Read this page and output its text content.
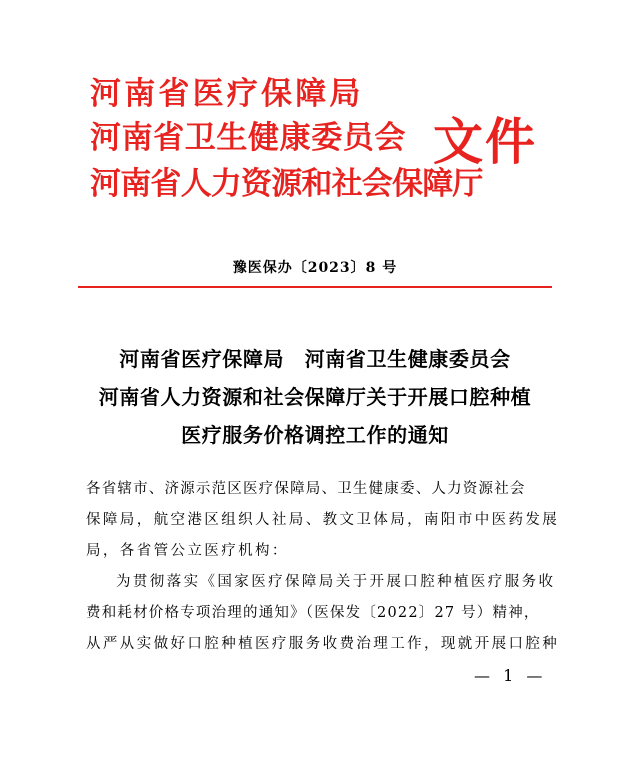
河南省医疗保障局
河南省卫生健康委员会
河南省人力资源和社会保障厅
文件
豫医保办〔2023〕8 号
河南省医疗保障局　河南省卫生健康委员会
河南省人力资源和社会保障厅关于开展口腔种植
医疗服务价格调控工作的通知
各省辖市、济源示范区医疗保障局、卫生健康委、人力资源社会
保障局，航空港区组织人社局、教文卫体局，南阳市中医药发展
局，各省管公立医疗机构：
为贯彻落实《国家医疗保障局关于开展口腔种植医疗服务收
费和耗材价格专项治理的通知》（医保发〔2022〕27 号）精神，
从严从实做好口腔种植医疗服务收费治理工作，现就开展口腔种
— 1 —
